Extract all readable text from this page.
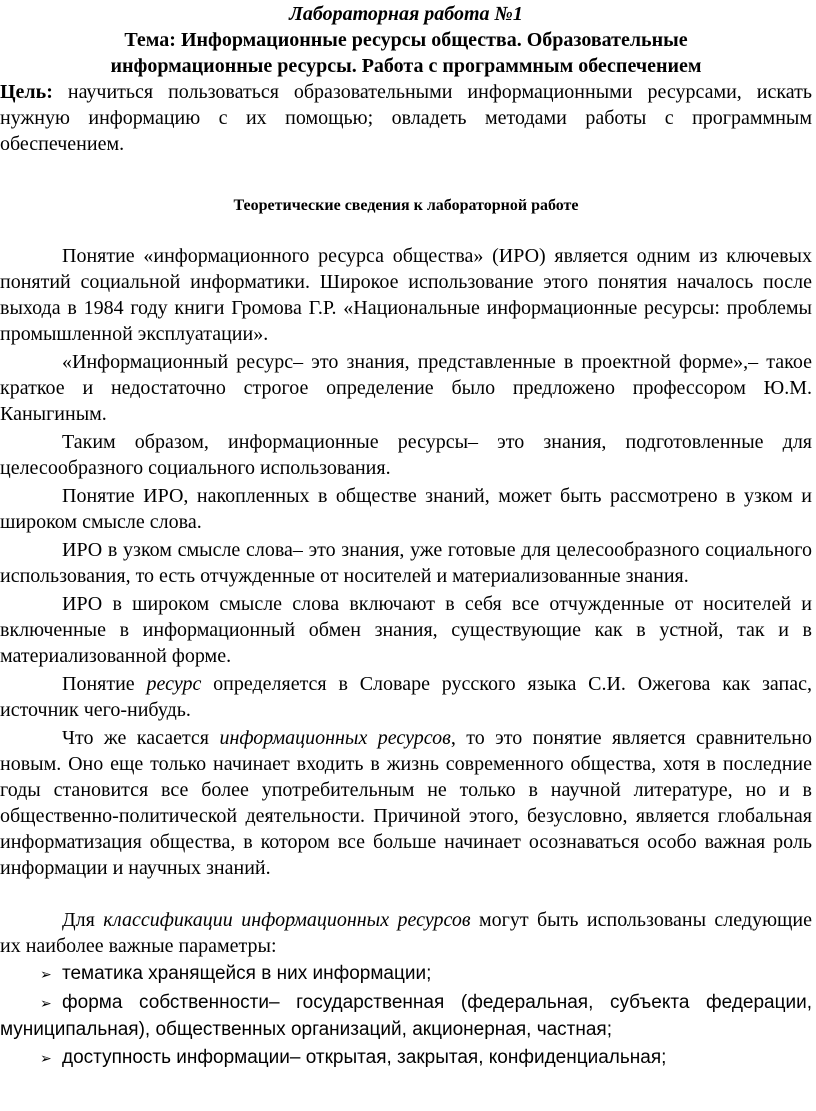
Лабораторная работа №1
Тема: Информационные ресурсы общества. Образовательные
информационные ресурсы. Работа с программным обеспечением

Цель: научиться пользоваться образовательными информационными ресурсами, искать нужную информацию с их помощью; овладеть методами работы с программным обеспечением.

Теоретические сведения к лабораторной работе

Понятие «информационного ресурса общества» (ИРО) является одним из ключевых понятий социальной информатики. Широкое использование этого понятия началось после выхода в 1984 году книги Громова Г.Р. «Национальные информационные ресурсы: проблемы промышленной эксплуатации».

«Информационный ресурс– это знания, представленные в проектной форме»,– такое краткое и недостаточно строгое определение было предложено профессором Ю.М. Каныгиным.

Таким образом, информационные ресурсы– это знания, подготовленные для целесообразного социального использования.

Понятие ИРО, накопленных в обществе знаний, может быть рассмотрено в узком и широком смысле слова.

ИРО в узком смысле слова– это знания, уже готовые для целесообразного социального использования, то есть отчужденные от носителей и материализованные знания.

ИРО в широком смысле слова включают в себя все отчужденные от носителей и включенные в информационный обмен знания, существующие как в устной, так и в материализованной форме.

Понятие ресурс определяется в Словаре русского языка С.И. Ожегова как запас, источник чего-нибудь.

Что же касается информационных ресурсов, то это понятие является сравнительно новым. Оно еще только начинает входить в жизнь современного общества, хотя в последние годы становится все более употребительным не только в научной литературе, но и в общественно-политической деятельности. Причиной этого, безусловно, является глобальная информатизация общества, в котором все больше начинает осознаваться особо важная роль информации и научных знаний.

Для классификации информационных ресурсов могут быть использованы следующие их наиболее важные параметры:

➢ тематика хранящейся в них информации;

➢ форма собственности– государственная (федеральная, субъекта федерации, муниципальная), общественных организаций, акционерная, частная;

➢ доступность информации– открытая, закрытая, конфиденциальная;
